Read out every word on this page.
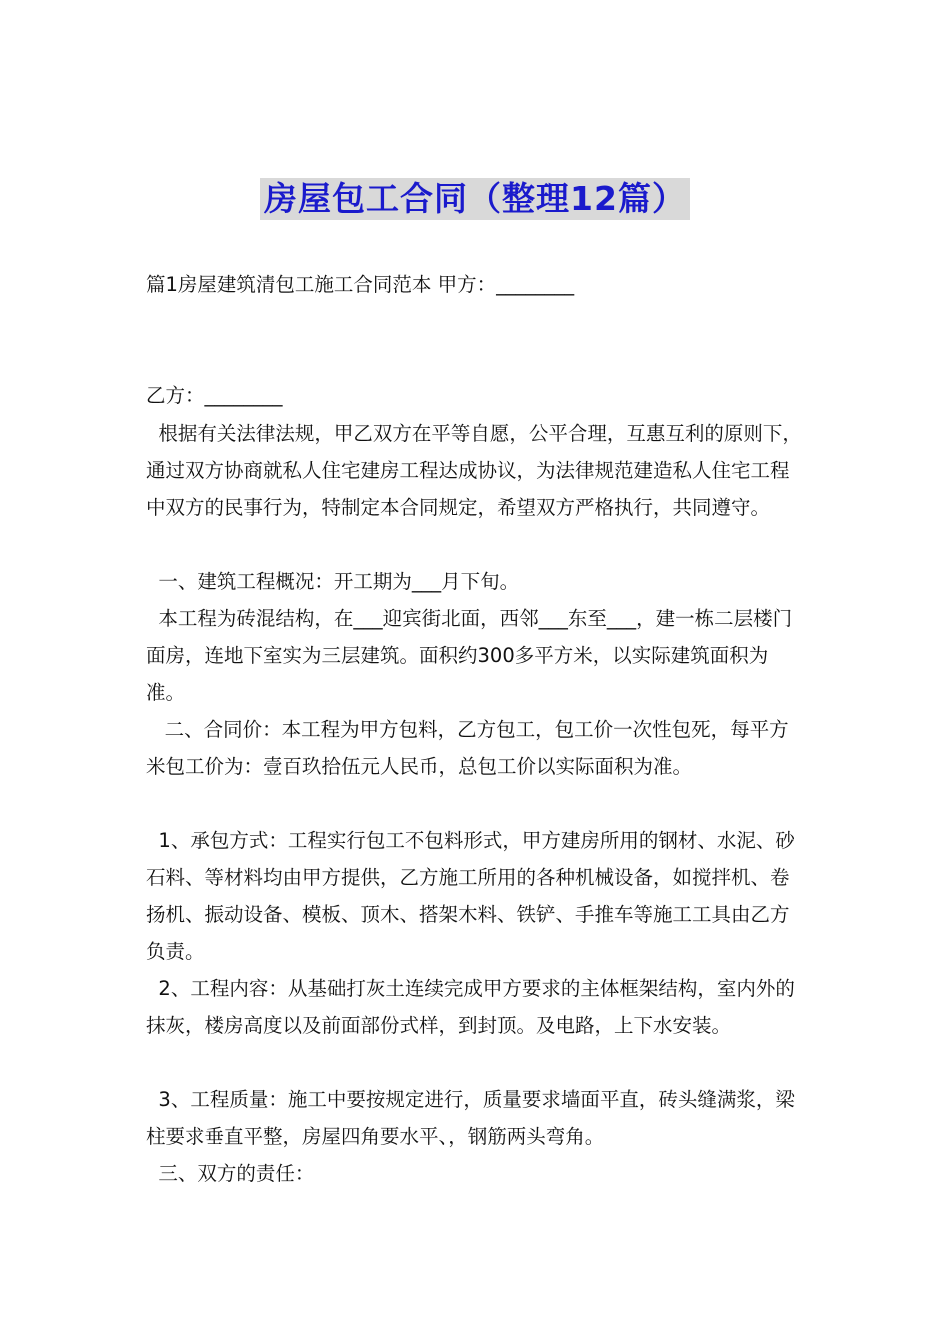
房屋包工合同（整理12篇）
篇1房屋建筑清包工施工合同范本 甲方：________
乙方：________
根据有关法律法规，甲乙双方在平等自愿，公平合理，互惠互利的原则下，通过双方协商就私人住宅建房工程达成协议，为法律规范建造私人住宅工程中双方的民事行为，特制定本合同规定，希望双方严格执行，共同遵守。
一、建筑工程概况：开工期为___月下旬。
本工程为砖混结构，在___迎宾街北面，西邻___东至___，建一栋二层楼门面房，连地下室实为三层建筑。面积约300多平方米，以实际建筑面积为准。
二、合同价：本工程为甲方包料，乙方包工，包工价一次性包死，每平方米包工价为：壹百玖拾伍元人民币，总包工价以实际面积为准。
1、承包方式：工程实行包工不包料形式，甲方建房所用的钢材、水泥、砂石料、等材料均由甲方提供，乙方施工所用的各种机械设备，如搅拌机、卷扬机、振动设备、模板、顶木、搭架木料、铁铲、手推车等施工工具由乙方负责。
2、工程内容：从基础打灰土连续完成甲方要求的主体框架结构，室内外的抹灰，楼房高度以及前面部份式样，到封顶。及电路，上下水安装。
3、工程质量：施工中要按规定进行，质量要求墙面平直，砖头缝满浆，梁柱要求垂直平整，房屋四角要水平、，钢筋两头弯角。
三、双方的责任：
